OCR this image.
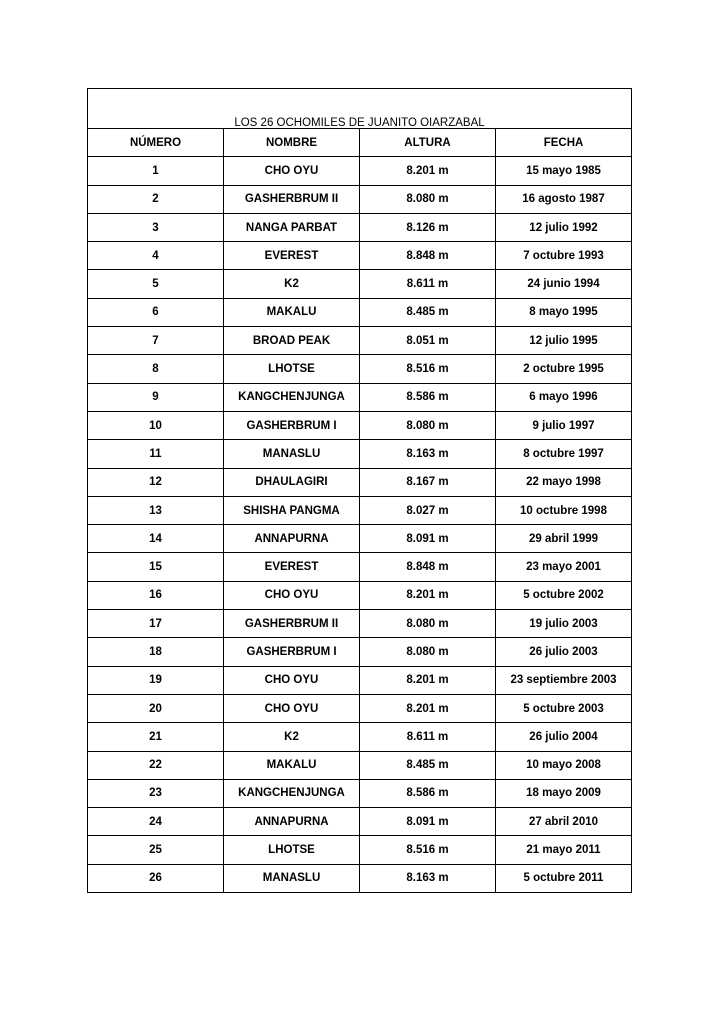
LOS 26 OCHOMILES DE JUANITO OIARZABAL			
NÚMERO	NOMBRE	ALTURA	FECHA
1	CHO OYU	8.201 m	15 mayo 1985
2	GASHERBRUM II	8.080 m	16 agosto 1987
3	NANGA PARBAT	8.126 m	12 julio 1992
4	EVEREST	8.848 m	7 octubre 1993
5	K2	8.611 m	24 junio 1994
6	MAKALU	8.485 m	8 mayo 1995
7	BROAD PEAK	8.051 m	12 julio 1995
8	LHOTSE	8.516 m	2 octubre 1995
9	KANGCHENJUNGA	8.586 m	6 mayo 1996
10	GASHERBRUM I	8.080 m	9 julio 1997
11	MANASLU	8.163 m	8 octubre 1997
12	DHAULAGIRI	8.167 m	22 mayo 1998
13	SHISHA PANGMA	8.027 m	10 octubre 1998
14	ANNAPURNA	8.091 m	29 abril 1999
15	EVEREST	8.848 m	23 mayo 2001
16	CHO OYU	8.201 m	5 octubre 2002
17	GASHERBRUM II	8.080 m	19 julio 2003
18	GASHERBRUM I	8.080 m	26 julio 2003
19	CHO OYU	8.201 m	23 septiembre 2003
20	CHO OYU	8.201 m	5 octubre 2003
21	K2	8.611 m	26 julio 2004
22	MAKALU	8.485 m	10 mayo 2008
23	KANGCHENJUNGA	8.586 m	18 mayo 2009
24	ANNAPURNA	8.091 m	27 abril 2010
25	LHOTSE	8.516 m	21 mayo 2011
26	MANASLU	8.163 m	5 octubre 2011
